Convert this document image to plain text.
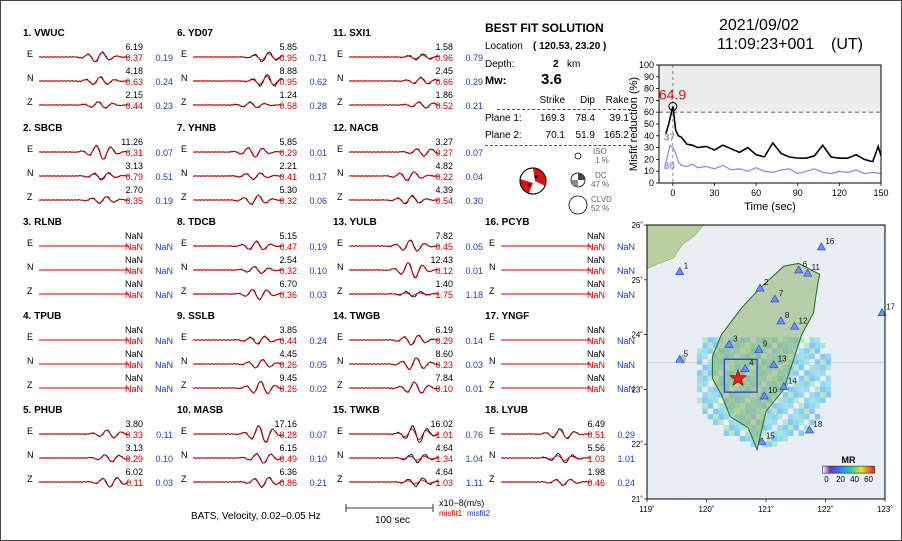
1. VWUC
E
6.19
0.37	0.19
N
4.18
0.63	0.24
Z
2.15
0.44	0.23
2. SBCB
E
11.26
0.31	0.07
N
3.13
0.79	0.51
Z
2.70
0.35	0.19
3. RLNB
E
NaN
NaN	NaN
N
NaN
NaN	NaN
Z
NaN
NaN	NaN
4. TPUB
E
NaN
NaN	NaN
N
NaN
NaN	NaN
Z
NaN
NaN	NaN
5. PHUB
E
3.80
0.33	0.11
N
3.13
0.29	0.10
Z
6.02
0.11	0.03
6. YD07
E
5.85
0.95	0.71
N
8.88
0.95	0.62
Z
1.24
0.58	0.28
7. YHNB
E
5.85
0.29	0.01
N
2.21
0.41	0.17
Z
5.30
0.32	0.06
8. TDCB
E
5.15
0.47	0.19
N
2.54
0.32	0.10
Z
6.70
0.36	0.03
9. SSLB
E
3.85
0.44	0.24
N
4.45
0.26	0.05
Z
9.45
0.26	0.02
10. MASB
E
17.16
0.28	0.07
N
6.15
0.49	0.10
Z
6.36
0.86	0.21
11. SXI1
E
1.58
0.96	0.79
N
2.45
0.66	0.29
Z
1.86
0.52	0.21
12. NACB
E
3.27
0.27	0.07
N
4.82
0.22	0.04
Z
4.39
0.54	0.30
13. YULB
E
7.82
0.45	0.05
N
12.43
0.12	0.01
Z
1.40
1.75	1.18
14. TWGB
E
6.19
0.29	0.14
N
8.60
0.23	0.03
Z
7.84
0.10	0.01
15. TWKB
E
16.02
1.01	0.76
N
4.64
1.34	1.04
Z
4.64
1.03	1.11
16. PCYB
E
NaN
NaN	NaN
N
NaN
NaN	NaN
Z
NaN
NaN	NaN
17. YNGF
E
NaN
NaN	NaN
N
NaN
NaN	NaN
Z
NaN
NaN	NaN
18. LYUB
E
6.49
0.51	0.29
N
5.56
1.03	1.01
Z
1.98
0.46	0.24
BEST FIT SOLUTION
Location ( 120.53, 23.20 )
Depth:	2 km
Mw: 3.6
Strike	Dip	Rake
Plane 1:	169.3	78.4	39.1
Plane 2:	70.1	51.9 165.2
ISO
1 %
DC
47 %
CLVD
52 %
2021/09/02
11:09:23+001 (UT)
64.9
37
38
0
10
20
30
40
50
60
70
80
90
100
0	30	60	90	120	150
Time (sec)
Misfit reduction (%)
1
2
3
4
5
6
7
8
9
10
11
12
13
14
15
16
17
18
119˚	120˚	121˚	122˚	123˚
26˚
25˚
24˚
23˚
22˚
21˚
MR
0 20 40 60
BATS, Velocity, 0.02–0.05 Hz	100 sec
x10−8(m/s)
misfit1 misfit2
